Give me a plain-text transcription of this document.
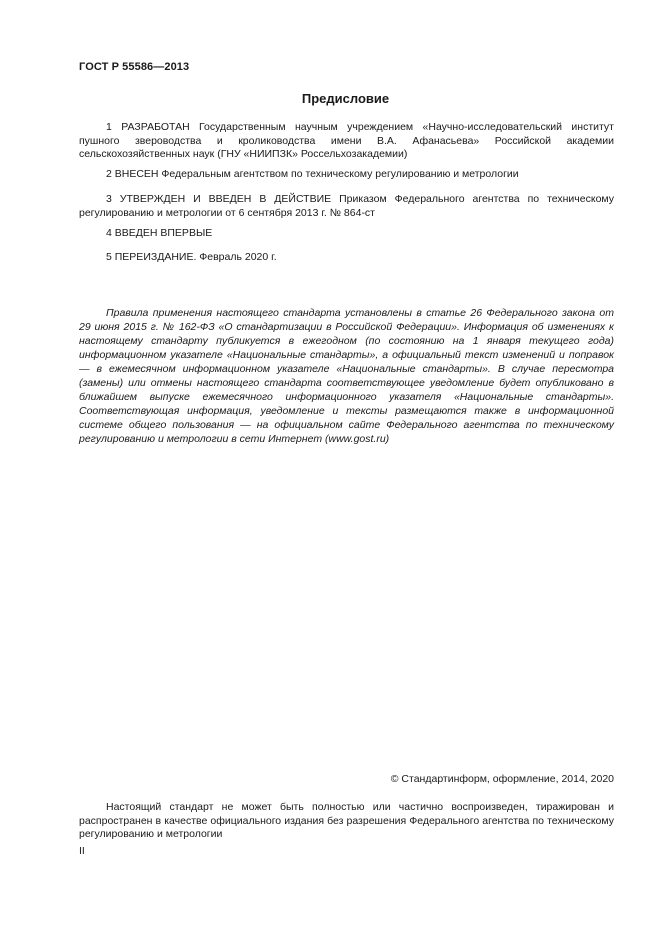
ГОСТ Р 55586—2013
Предисловие
1 РАЗРАБОТАН Государственным научным учреждением «Научно-исследовательский институт пушного звероводства и кролиководства имени В.А. Афанасьева» Российской академии сельскохозяйственных наук (ГНУ «НИИПЗК» Россельхозакадемии)
2 ВНЕСЕН Федеральным агентством по техническому регулированию и метрологии
3 УТВЕРЖДЕН И ВВЕДЕН В ДЕЙСТВИЕ Приказом Федерального агентства по техническому регулированию и метрологии от 6 сентября 2013 г. № 864-ст
4 ВВЕДЕН ВПЕРВЫЕ
5 ПЕРЕИЗДАНИЕ. Февраль 2020 г.
Правила применения настоящего стандарта установлены в статье 26 Федерального закона от 29 июня 2015 г. № 162-ФЗ «О стандартизации в Российской Федерации». Информация об изменениях к настоящему стандарту публикуется в ежегодном (по состоянию на 1 января текущего года) информационном указателе «Национальные стандарты», а официальный текст изменений и поправок — в ежемесячном информационном указателе «Национальные стандарты». В случае пересмотра (замены) или отмены настоящего стандарта соответствующее уведомление будет опубликовано в ближайшем выпуске ежемесячного информационного указателя «Национальные стандарты». Соответствующая информация, уведомление и тексты размещаются также в информационной системе общего пользования — на официальном сайте Федерального агентства по техническому регулированию и метрологии в сети Интернет (www.gost.ru)
© Стандартинформ, оформление, 2014, 2020
Настоящий стандарт не может быть полностью или частично воспроизведен, тиражирован и распространен в качестве официального издания без разрешения Федерального агентства по техническому регулированию и метрологии
II
